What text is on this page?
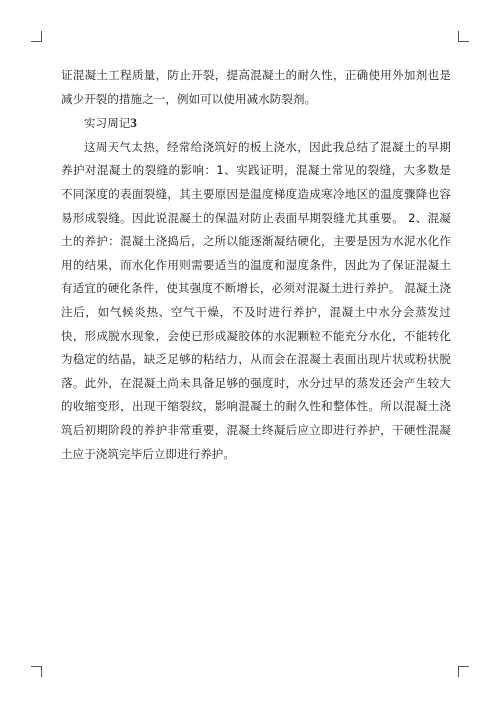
证混凝土工程质量，防止开裂，提高混凝土的耐久性，正确使用外加剂也是减少开裂的措施之一，例如可以使用减水防裂剂。

实习周记3

这周天气太热，经常给浇筑好的板上浇水，因此我总结了混凝土的早期养护对混凝土的裂缝的影响：1、实践证明，混凝土常见的裂缝，大多数是不同深度的表面裂缝，其主要原因是温度梯度造成寒冷地区的温度骤降也容易形成裂缝。因此说混凝土的保温对防止表面早期裂缝尤其重要。 2、混凝土的养护：混凝土浇捣后，之所以能逐渐凝结硬化，主要是因为水泥水化作用的结果，而水化作用则需要适当的温度和湿度条件，因此为了保证混凝土有适宜的硬化条件，使其强度不断增长，必须对混凝土进行养护。 混凝土浇注后，如气候炎热、空气干燥，不及时进行养护，混凝土中水分会蒸发过快，形成脱水现象，会使已形成凝胶体的水泥颗粒不能充分水化，不能转化为稳定的结晶，缺乏足够的粘结力，从而会在混凝土表面出现片状或粉状脱落。此外，在混凝土尚未具备足够的强度时，水分过早的蒸发还会产生较大的收缩变形，出现干缩裂纹，影响混凝土的耐久性和整体性。所以混凝土浇筑后初期阶段的养护非常重要，混凝土终凝后应立即进行养护，干硬性混凝土应于浇筑完毕后立即进行养护。
